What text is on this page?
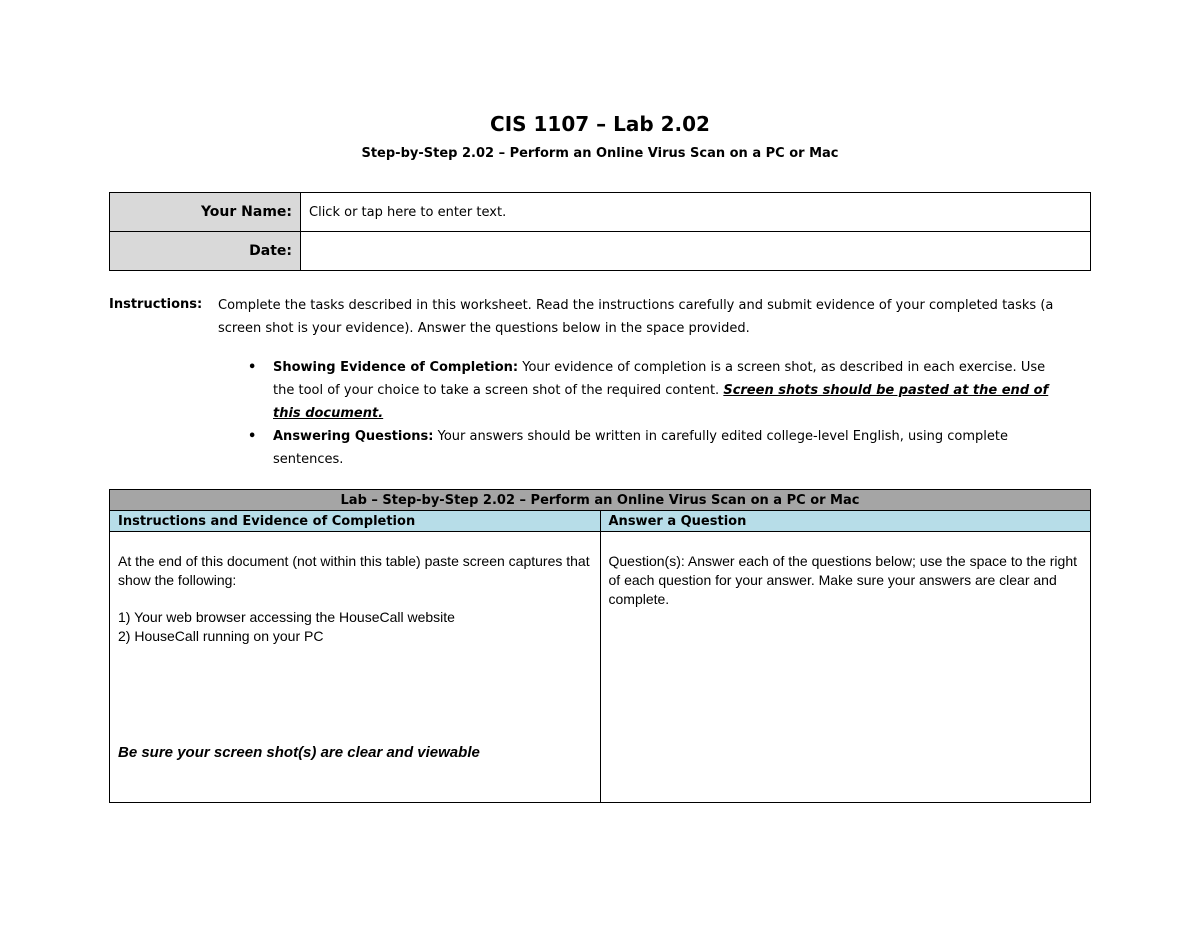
CIS 1107 – Lab 2.02
Step-by-Step 2.02 – Perform an Online Virus Scan on a PC or Mac
Your Name:	Click or tap here to enter text.
Date:	
Instructions: Complete the tasks described in this worksheet. Read the instructions carefully and submit evidence of your completed tasks (a screen shot is your evidence). Answer the questions below in the space provided.
• Showing Evidence of Completion: Your evidence of completion is a screen shot, as described in each exercise. Use the tool of your choice to take a screen shot of the required content. Screen shots should be pasted at the end of this document.
• Answering Questions: Your answers should be written in carefully edited college-level English, using complete sentences.
Lab – Step-by-Step 2.02 – Perform an Online Virus Scan on a PC or Mac	
Instructions and Evidence of Completion	Answer a Question

At the end of this document (not within this table) paste screen captures that show the following:
1) Your web browser accessing the HouseCall website
2) HouseCall running on your PC
Be sure your screen shot(s) are clear and viewable	Question(s): Answer each of the questions below; use the space to the right of each question for your answer. Make sure your answers are clear and complete.
